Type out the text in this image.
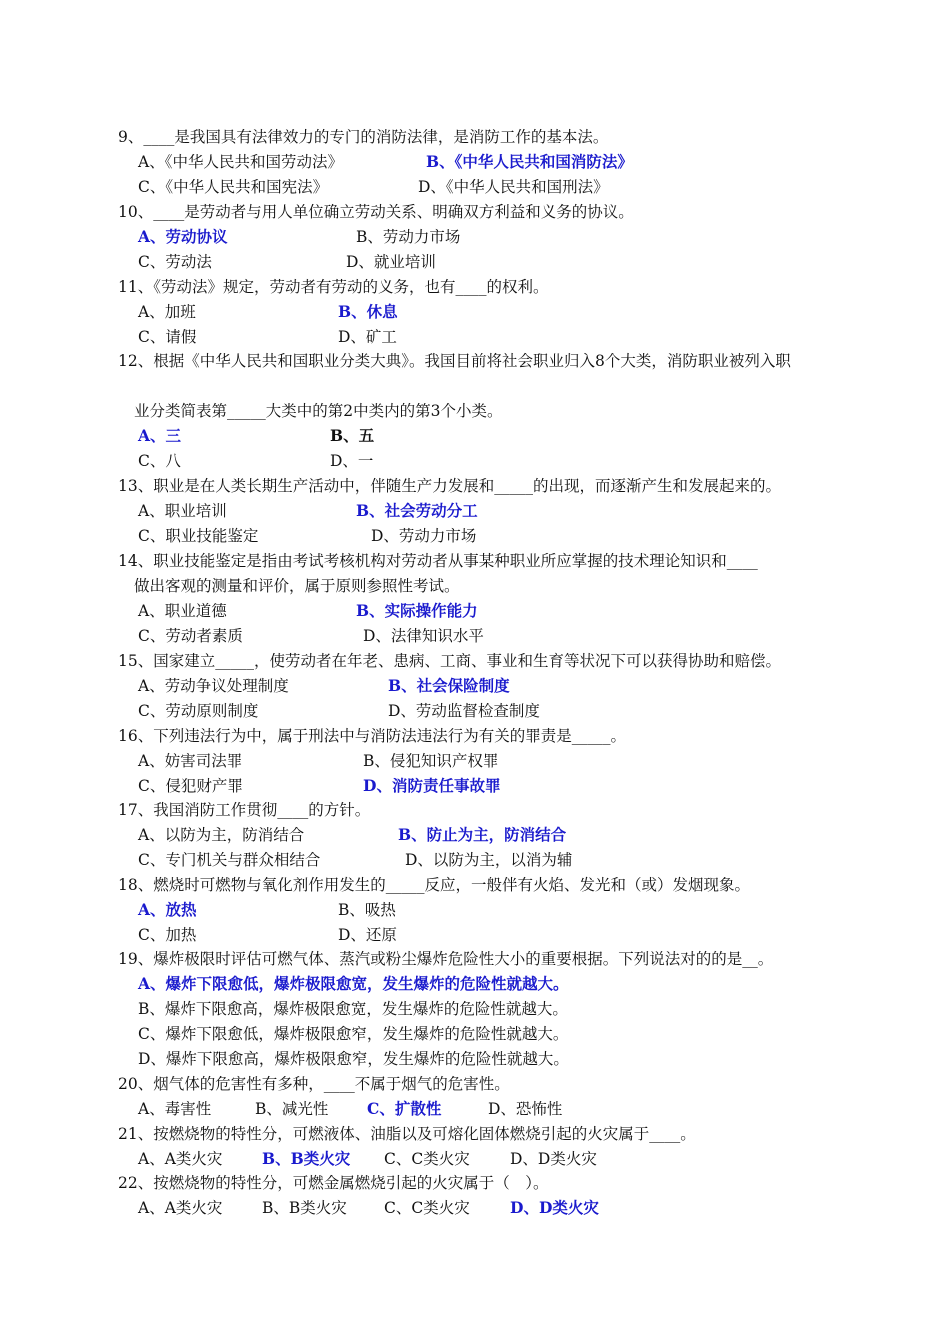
9、____是我国具有法律效力的专门的消防法律，是消防工作的基本法。
A、《中华人民共和国劳动法》	B、《中华人民共和国消防法》
C、《中华人民共和国宪法》	D、《中华人民共和国刑法》
10、____是劳动者与用人单位确立劳动关系、明确双方利益和义务的协议。
A、劳动协议	B、劳动力市场
C、劳动法	D、就业培训
11、《劳动法》规定，劳动者有劳动的义务，也有____的权利。
A、加班	B、休息
C、请假	D、矿工
12、根据《中华人民共和国职业分类大典》。我国目前将社会职业归入8个大类，消防职业被列入职
业分类简表第_____大类中的第2中类内的第3个小类。
A、三	B、五
C、八	D、一
13、职业是在人类长期生产活动中，伴随生产力发展和_____的出现，而逐渐产生和发展起来的。
A、职业培训	B、社会劳动分工
C、职业技能鉴定	D、劳动力市场
14、职业技能鉴定是指由考试考核机构对劳动者从事某种职业所应掌握的技术理论知识和____
做出客观的测量和评价，属于原则参照性考试。
A、职业道德	B、实际操作能力
C、劳动者素质	D、法律知识水平
15、国家建立_____，使劳动者在年老、患病、工商、事业和生育等状况下可以获得协助和赔偿。
A、劳动争议处理制度	B、社会保险制度
C、劳动原则制度	D、劳动监督检查制度
16、下列违法行为中，属于刑法中与消防法违法行为有关的罪责是_____。
A、妨害司法罪	B、侵犯知识产权罪
C、侵犯财产罪	D、消防责任事故罪
17、我国消防工作贯彻____的方针。
A、以防为主，防消结合	B、防止为主，防消结合
C、专门机关与群众相结合	D、以防为主，以消为辅
18、燃烧时可燃物与氧化剂作用发生的_____反应，一般伴有火焰、发光和（或）发烟现象。
A、放热	B、吸热
C、加热	D、还原
19、爆炸极限时评估可燃气体、蒸汽或粉尘爆炸危险性大小的重要根据。下列说法对的的是__。
A、爆炸下限愈低，爆炸极限愈宽，发生爆炸的危险性就越大。
B、爆炸下限愈高，爆炸极限愈宽，发生爆炸的危险性就越大。
C、爆炸下限愈低，爆炸极限愈窄，发生爆炸的危险性就越大。
D、爆炸下限愈高，爆炸极限愈窄，发生爆炸的危险性就越大。
20、烟气体的危害性有多种，____不属于烟气的危害性。
A、毒害性	B、减光性 C、扩散性	D、恐怖性
21、按燃烧物的特性分，可燃液体、油脂以及可熔化固体燃烧引起的火灾属于____。
A、A类火灾	B、B类火灾 C、C类火灾	D、D类火灾
22、按燃烧物的特性分，可燃金属燃烧引起的火灾属于（　）。
A、A类火灾	B、B类火灾 C、C类火灾	D、D类火灾
